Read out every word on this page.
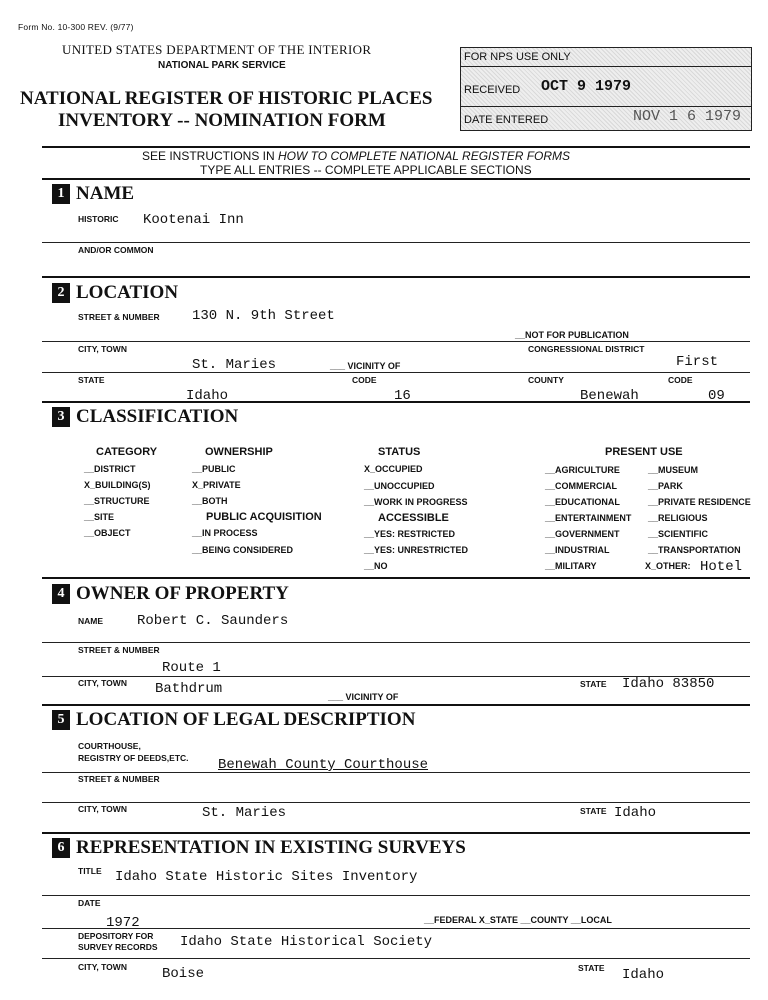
Form No. 10-300 REV. (9/77)
UNITED STATES DEPARTMENT OF THE INTERIOR
NATIONAL PARK SERVICE
NATIONAL REGISTER OF HISTORIC PLACES
INVENTORY -- NOMINATION FORM
FOR NPS USE ONLY
RECEIVED OCT 9 1979
DATE ENTERED	NOV 1 6 1979
SEE INSTRUCTIONS IN HOW TO COMPLETE NATIONAL REGISTER FORMS
TYPE ALL ENTRIES -- COMPLETE APPLICABLE SECTIONS
1 NAME
HISTORIC Kootenai Inn
AND/OR COMMON
2 LOCATION
STREET & NUMBER 130 N. 9th Street
__NOT FOR PUBLICATION
CITY, TOWN	CONGRESSIONAL DISTRICT
St. Maries	___ VICINITY OF	First
STATE	CODE	COUNTY	CODE
Idaho	16	Benewah	09
3 CLASSIFICATION
CATEGORY
__DISTRICT
X_BUILDING(S)
__STRUCTURE
__SITE
__OBJECT
OWNERSHIP
__PUBLIC
X_PRIVATE
__BOTH
PUBLIC ACQUISITION
__IN PROCESS
__BEING CONSIDERED
STATUS
X_OCCUPIED
__UNOCCUPIED
__WORK IN PROGRESS
ACCESSIBLE
__YES: RESTRICTED
__YES: UNRESTRICTED
__NO
PRESENT USE
__AGRICULTURE
__COMMERCIAL
__EDUCATIONAL
__ENTERTAINMENT
__GOVERNMENT
__INDUSTRIAL
__MILITARY
__MUSEUM
__PARK
__PRIVATE RESIDENCE
__RELIGIOUS
__SCIENTIFIC
__TRANSPORTATION
X_OTHER: Hotel
4 OWNER OF PROPERTY
NAME Robert C. Saunders
STREET & NUMBER
Route 1
CITY, TOWN Bathdrum	___ VICINITY OF
STATE Idaho 83850
5 LOCATION OF LEGAL DESCRIPTION
COURTHOUSE,
REGISTRY OF DEEDS,ETC. Benewah County Courthouse
STREET & NUMBER
CITY, TOWN	St. Maries	STATE Idaho
6 REPRESENTATION IN EXISTING SURVEYS
TITLE Idaho State Historic Sites Inventory
DATE
1972	__FEDERAL X_STATE __COUNTY __LOCAL
DEPOSITORY FOR
SURVEY RECORDS Idaho State Historical Society
CITY, TOWN	Boise	STATE Idaho
